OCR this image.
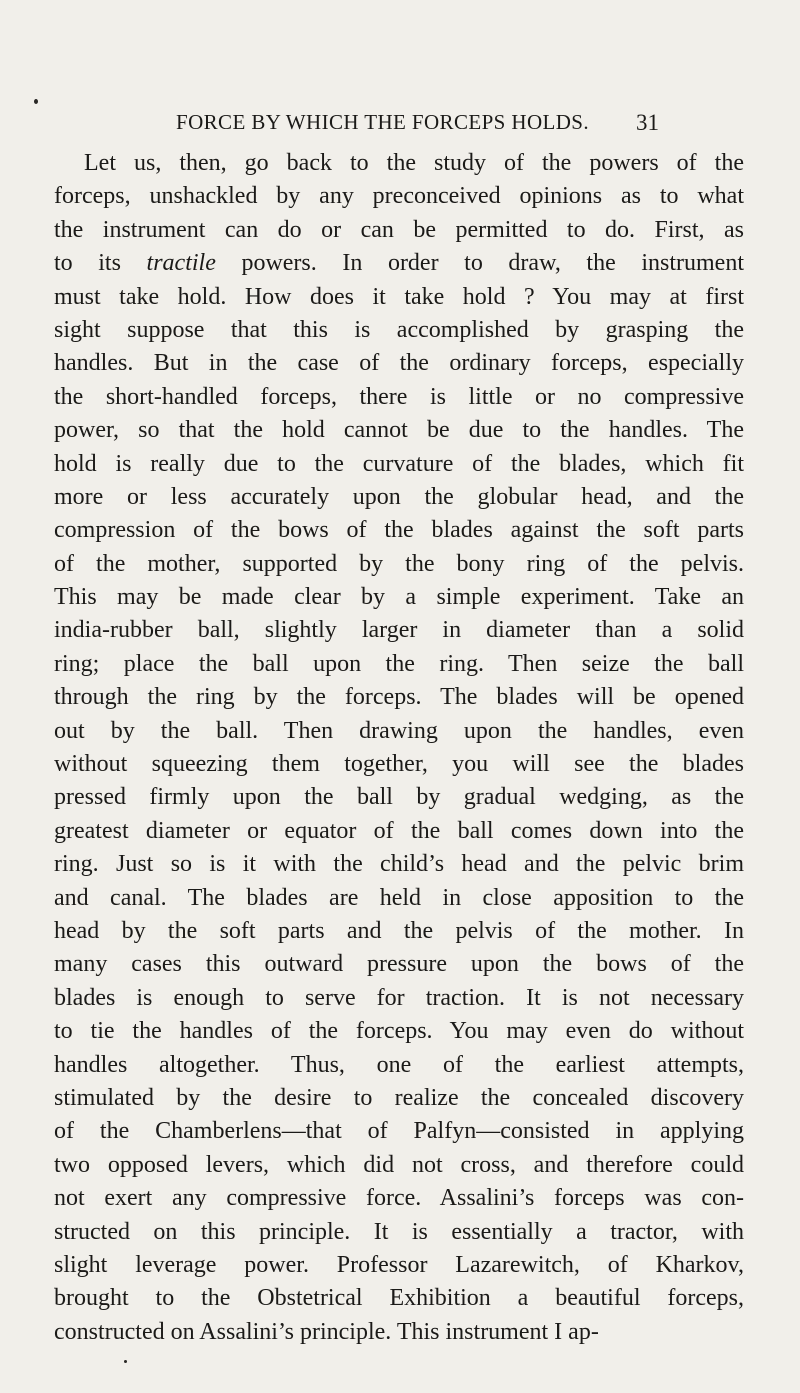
FORCE BY WHICH THE FORCEPS HOLDS. 31
Let us, then, go back to the study of the powers of the
forceps, unshackled by any preconceived opinions as to what
the instrument can do or can be permitted to do. First, as
to its tractile powers. In order to draw, the instrument
must take hold. How does it take hold ? You may at first
sight suppose that this is accomplished by grasping the
handles. But in the case of the ordinary forceps, especially
the short-handled forceps, there is little or no compressive
power, so that the hold cannot be due to the handles. The
hold is really due to the curvature of the blades, which fit
more or less accurately upon the globular head, and the
compression of the bows of the blades against the soft parts
of the mother, supported by the bony ring of the pelvis.
This may be made clear by a simple experiment. Take an
india-rubber ball, slightly larger in diameter than a solid
ring; place the ball upon the ring. Then seize the ball
through the ring by the forceps. The blades will be opened
out by the ball. Then drawing upon the handles, even
without squeezing them together, you will see the blades
pressed firmly upon the ball by gradual wedging, as the
greatest diameter or equator of the ball comes down into the
ring. Just so is it with the child’s head and the pelvic brim
and canal. The blades are held in close apposition to the
head by the soft parts and the pelvis of the mother. In
many cases this outward pressure upon the bows of the
blades is enough to serve for traction. It is not necessary
to tie the handles of the forceps. You may even do without
handles altogether. Thus, one of the earliest attempts,
stimulated by the desire to realize the concealed discovery
of the Chamberlens—that of Palfyn—consisted in applying
two opposed levers, which did not cross, and therefore could
not exert any compressive force. Assalini’s forceps was con-
structed on this principle. It is essentially a tractor, with
slight leverage power. Professor Lazarewitch, of Kharkov,
brought to the Obstetrical Exhibition a beautiful forceps,
constructed on Assalini’s principle. This instrument I ap-
